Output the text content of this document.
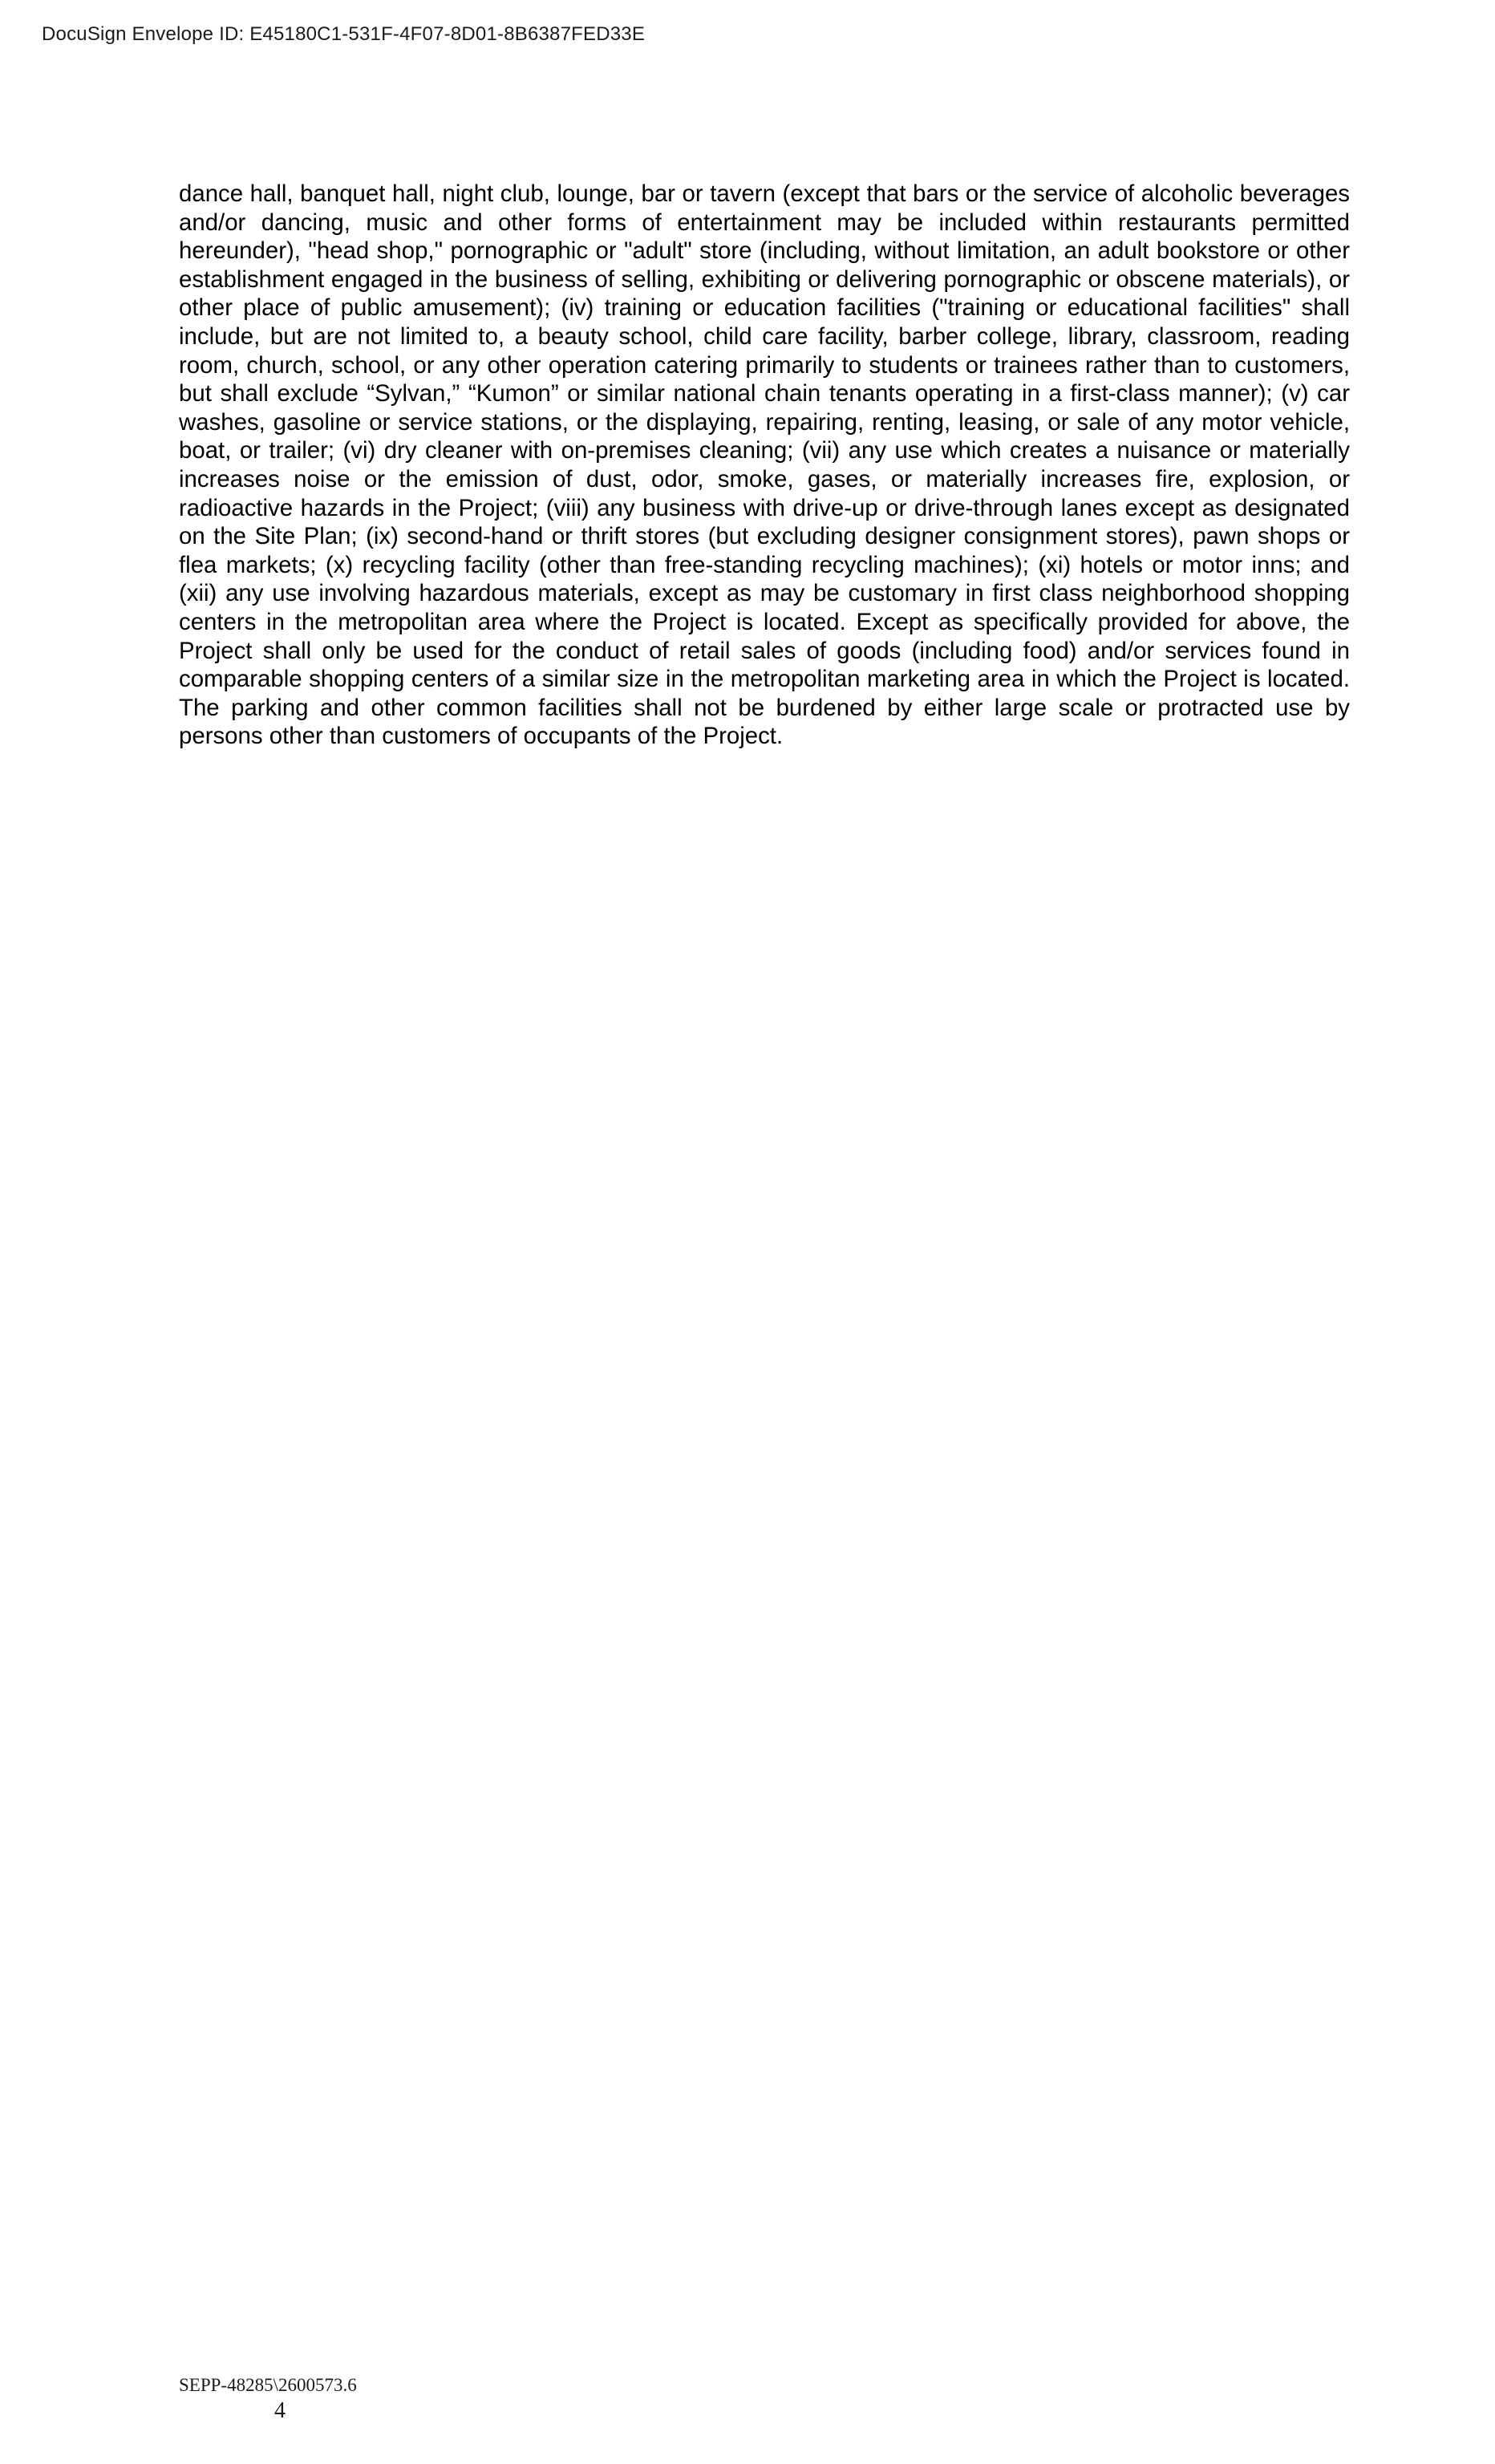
DocuSign Envelope ID: E45180C1-531F-4F07-8D01-8B6387FED33E

dance hall, banquet hall, night club, lounge, bar or tavern (except that bars or the service of alcoholic beverages and/or dancing, music and other forms of entertainment may be included within restaurants permitted hereunder), "head shop," pornographic or "adult" store (including, without limitation, an adult bookstore or other establishment engaged in the business of selling, exhibiting or delivering pornographic or obscene materials), or other place of public amusement); (iv) training or education facilities ("training or educational facilities" shall include, but are not limited to, a beauty school, child care facility, barber college, library, classroom, reading room, church, school, or any other operation catering primarily to students or trainees rather than to customers, but shall exclude “Sylvan,” “Kumon” or similar national chain tenants operating in a first-class manner); (v) car washes, gasoline or service stations, or the displaying, repairing, renting, leasing, or sale of any motor vehicle, boat, or trailer; (vi) dry cleaner with on-premises cleaning; (vii) any use which creates a nuisance or materially increases noise or the emission of dust, odor, smoke, gases, or materially increases fire, explosion, or radioactive hazards in the Project; (viii) any business with drive-up or drive-through lanes except as designated on the Site Plan; (ix) second-hand or thrift stores (but excluding designer consignment stores), pawn shops or flea markets; (x) recycling facility (other than free-standing recycling machines); (xi) hotels or motor inns; and (xii) any use involving hazardous materials, except as may be customary in first class neighborhood shopping centers in the metropolitan area where the Project is located. Except as specifically provided for above, the Project shall only be used for the conduct of retail sales of goods (including food) and/or services found in comparable shopping centers of a similar size in the metropolitan marketing area in which the Project is located. The parking and other common facilities shall not be burdened by either large scale or protracted use by persons other than customers of occupants of the Project.

SEPP-48285\2600573.6
4
